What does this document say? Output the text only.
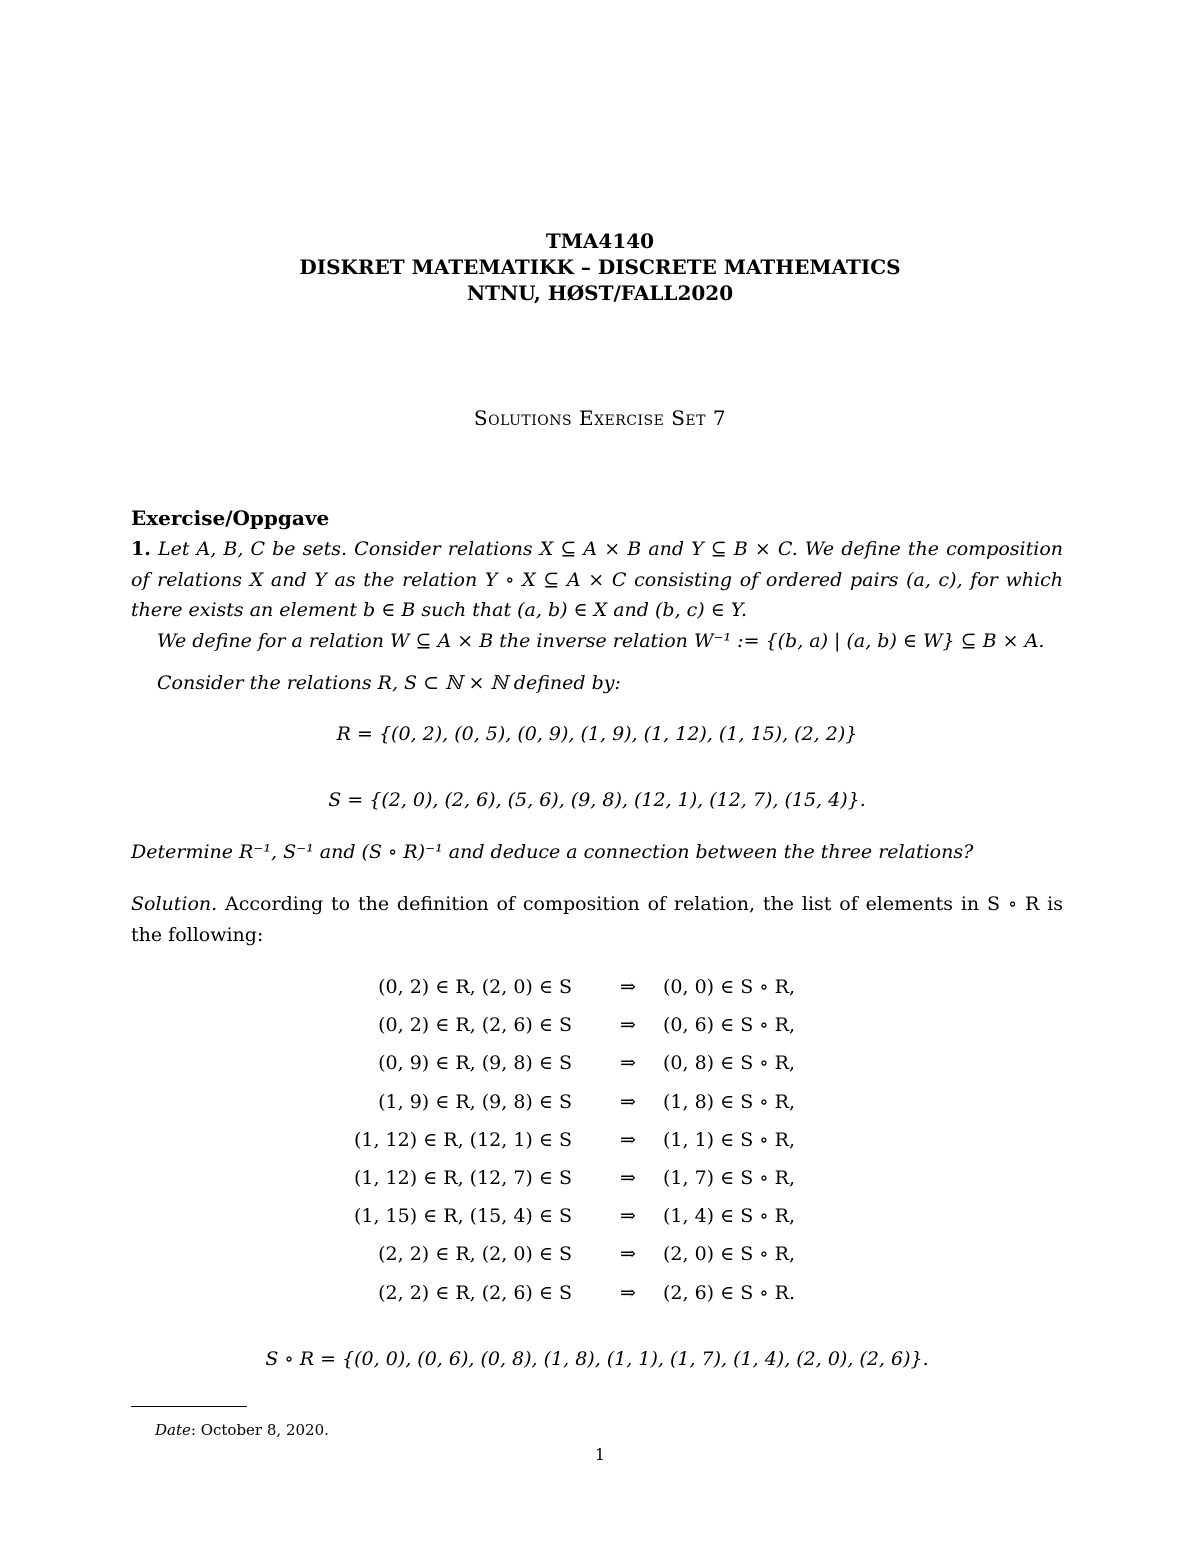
TMA4140
DISKRET MATEMATIKK – DISCRETE MATHEMATICS
NTNU, HØST/FALL2020
Solutions Exercise Set 7
Exercise/Oppgave
1. Let A, B, C be sets. Consider relations X ⊆ A × B and Y ⊆ B × C. We define the composition of relations X and Y as the relation Y ∘ X ⊆ A × C consisting of ordered pairs (a, c), for which there exists an element b ∈ B such that (a, b) ∈ X and (b, c) ∈ Y.
We define for a relation W ⊆ A × B the inverse relation W⁻¹ := {(b, a) | (a, b) ∈ W} ⊆ B × A.
Consider the relations R, S ⊂ ℕ × ℕ defined by:
R = {(0, 2), (0, 5), (0, 9), (1, 9), (1, 12), (1, 15), (2, 2)}
S = {(2, 0), (2, 6), (5, 6), (9, 8), (12, 1), (12, 7), (15, 4)}.
Determine R⁻¹, S⁻¹ and (S ∘ R)⁻¹ and deduce a connection between the three relations?
Solution. According to the definition of composition of relation, the list of elements in S ∘ R is the following:
(0, 2) ∈ R, (2, 0) ∈ S	⇒ (0, 0) ∈ S ∘ R,
(0, 2) ∈ R, (2, 6) ∈ S	⇒ (0, 6) ∈ S ∘ R,
(0, 9) ∈ R, (9, 8) ∈ S	⇒ (0, 8) ∈ S ∘ R,
(1, 9) ∈ R, (9, 8) ∈ S	⇒ (1, 8) ∈ S ∘ R,
(1, 12) ∈ R, (12, 1) ∈ S	⇒ (1, 1) ∈ S ∘ R,
(1, 12) ∈ R, (12, 7) ∈ S	⇒ (1, 7) ∈ S ∘ R,
(1, 15) ∈ R, (15, 4) ∈ S	⇒ (1, 4) ∈ S ∘ R,
(2, 2) ∈ R, (2, 0) ∈ S	⇒ (2, 0) ∈ S ∘ R,
(2, 2) ∈ R, (2, 6) ∈ S	⇒ (2, 6) ∈ S ∘ R.
S ∘ R = {(0, 0), (0, 6), (0, 8), (1, 8), (1, 1), (1, 7), (1, 4), (2, 0), (2, 6)}.
Date: October 8, 2020.
1
